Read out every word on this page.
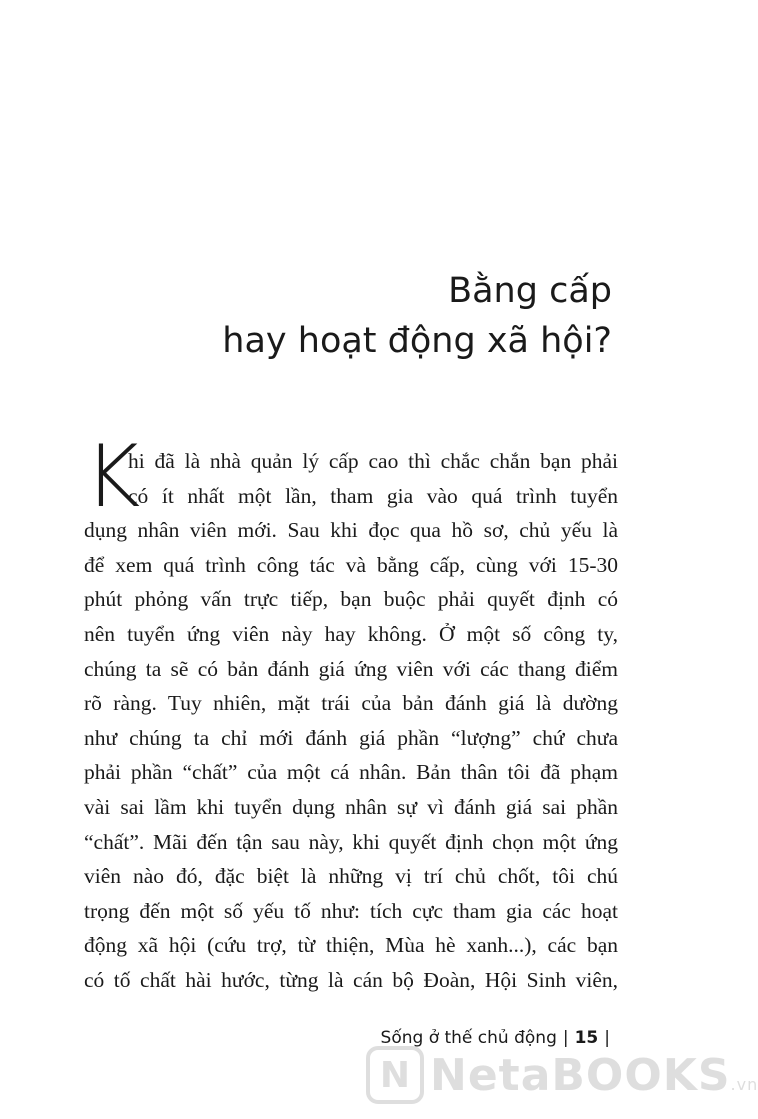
Bằng cấp
hay hoạt động xã hội?
K
hi đã là nhà quản lý cấp cao thì chắc chắn bạn phải
có ít nhất một lần, tham gia vào quá trình tuyển
dụng nhân viên mới. Sau khi đọc qua hồ sơ, chủ yếu là
để xem quá trình công tác và bằng cấp, cùng với 15-30
phút phỏng vấn trực tiếp, bạn buộc phải quyết định có
nên tuyển ứng viên này hay không. Ở một số công ty,
chúng ta sẽ có bản đánh giá ứng viên với các thang điểm
rõ ràng. Tuy nhiên, mặt trái của bản đánh giá là dường
như chúng ta chỉ mới đánh giá phần “lượng” chứ chưa
phải phần “chất” của một cá nhân. Bản thân tôi đã phạm
vài sai lầm khi tuyển dụng nhân sự vì đánh giá sai phần
“chất”. Mãi đến tận sau này, khi quyết định chọn một ứng
viên nào đó, đặc biệt là những vị trí chủ chốt, tôi chú
trọng đến một số yếu tố như: tích cực tham gia các hoạt
động xã hội (cứu trợ, từ thiện, Mùa hè xanh...), các bạn
có tố chất hài hước, từng là cán bộ Đoàn, Hội Sinh viên,
N NetaBOOKS.vn
Sống ở thế chủ động | 15 |
